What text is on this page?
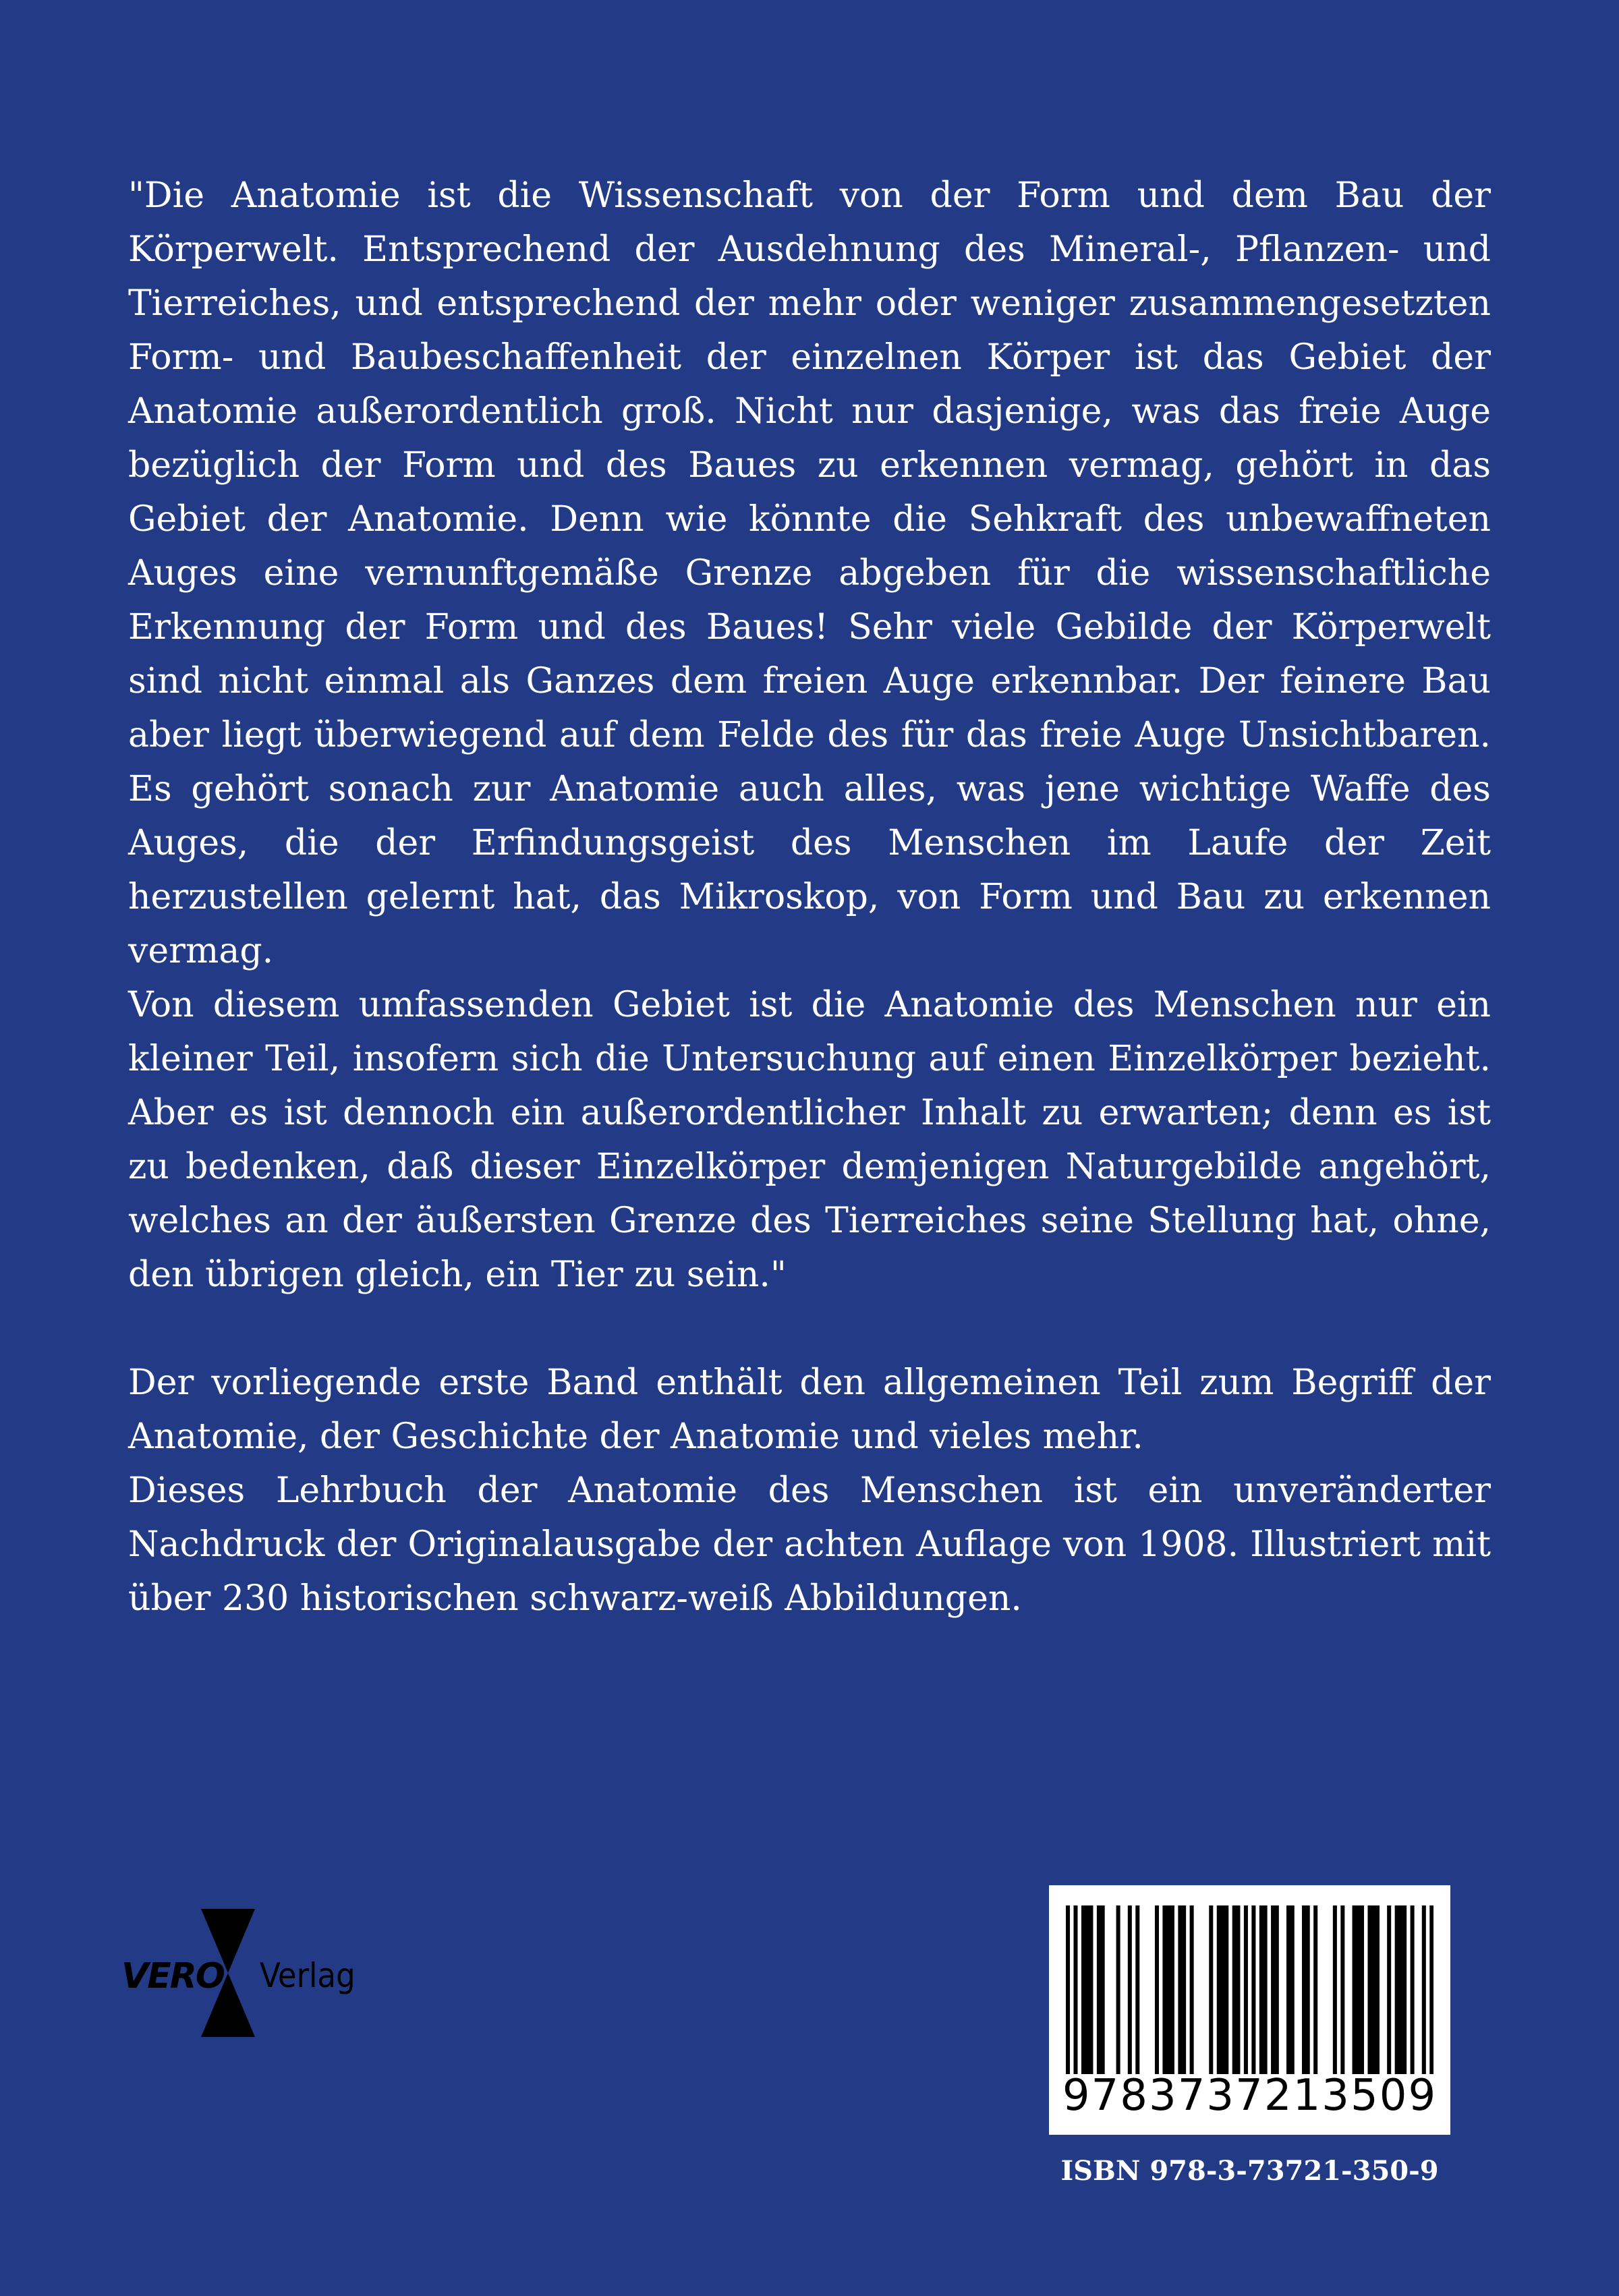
"Die Anatomie ist die Wissenschaft von der Form und dem Bau der Körperwelt. Entsprechend der Ausdehnung des Mineral-, Pflanzen- und Tierreiches, und entsprechend der mehr oder weniger zusammengesetzten Form- und Baubeschaffenheit der einzelnen Körper ist das Gebiet der Anatomie außerordentlich groß. Nicht nur dasjenige, was das freie Auge bezüglich der Form und des Baues zu erkennen vermag, gehört in das Gebiet der Anatomie. Denn wie könnte die Sehkraft des unbewaffneten Auges eine vernunftgemäße Grenze abgeben für die wissenschaftliche Erkennung der Form und des Baues! Sehr viele Gebilde der Körperwelt sind nicht einmal als Ganzes dem freien Auge erkennbar. Der feinere Bau aber liegt überwiegend auf dem Felde des für das freie Auge Unsichtbaren. Es gehört sonach zur Anatomie auch alles, was jene wichtige Waffe des Auges, die der Erfindungsgeist des Menschen im Laufe der Zeit herzustellen gelernt hat, das Mikroskop, von Form und Bau zu erkennen vermag.

Von diesem umfassenden Gebiet ist die Anatomie des Menschen nur ein kleiner Teil, insofern sich die Untersuchung auf einen Einzelkörper bezieht. Aber es ist dennoch ein außerordentlicher Inhalt zu erwarten; denn es ist zu bedenken, daß dieser Einzelkörper demjenigen Naturgebilde angehört, welches an der äußersten Grenze des Tierreiches seine Stellung hat, ohne, den übrigen gleich, ein Tier zu sein."

Der vorliegende erste Band enthält den allgemeinen Teil zum Begriff der Anatomie, der Geschichte der Anatomie und vieles mehr.

Dieses Lehrbuch der Anatomie des Menschen ist ein unveränderter Nachdruck der Originalausgabe der achten Auflage von 1908. Illustriert mit über 230 historischen schwarz-weiß Abbildungen.

VERO Verlag
9783737213509
ISBN 978-3-73721-350-9
